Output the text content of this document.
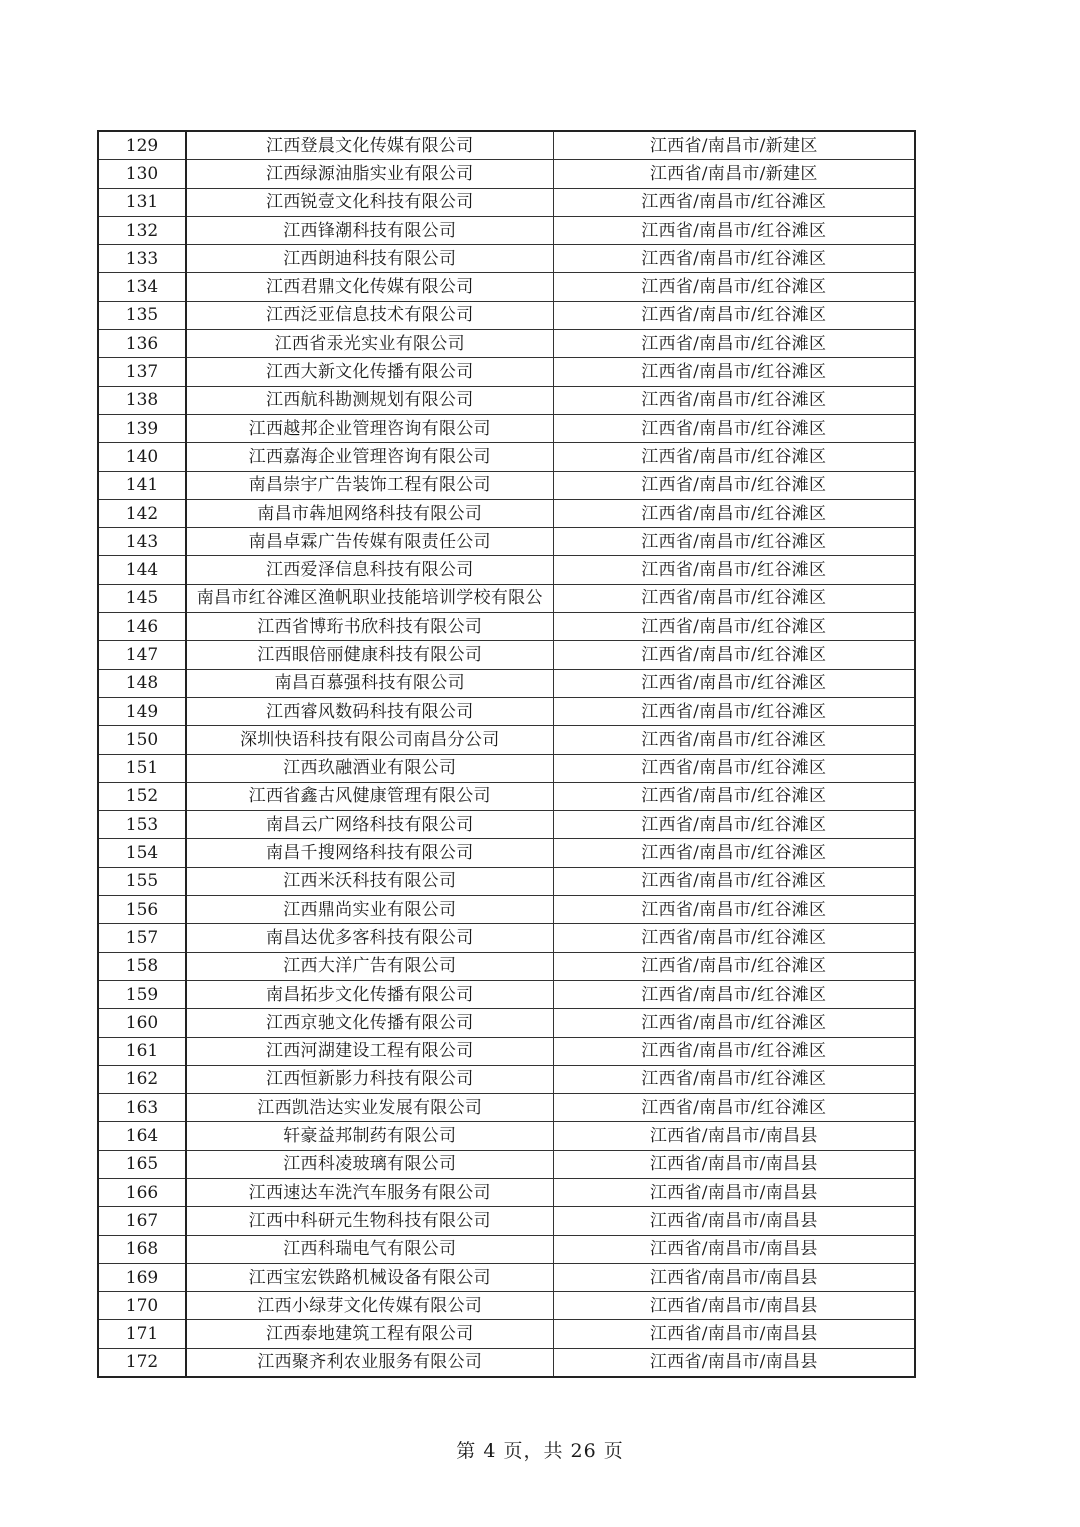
129	江西登晨文化传媒有限公司	江西省/南昌市/新建区
130	江西绿源油脂实业有限公司	江西省/南昌市/新建区
131	江西锐壹文化科技有限公司	江西省/南昌市/红谷滩区
132	江西锋潮科技有限公司	江西省/南昌市/红谷滩区
133	江西朗迪科技有限公司	江西省/南昌市/红谷滩区
134	江西君鼎文化传媒有限公司	江西省/南昌市/红谷滩区
135	江西泛亚信息技术有限公司	江西省/南昌市/红谷滩区
136	江西省汞光实业有限公司	江西省/南昌市/红谷滩区
137	江西大新文化传播有限公司	江西省/南昌市/红谷滩区
138	江西航科勘测规划有限公司	江西省/南昌市/红谷滩区
139	江西越邦企业管理咨询有限公司	江西省/南昌市/红谷滩区
140	江西嘉海企业管理咨询有限公司	江西省/南昌市/红谷滩区
141	南昌崇宇广告装饰工程有限公司	江西省/南昌市/红谷滩区
142	南昌市犇旭网络科技有限公司	江西省/南昌市/红谷滩区
143	南昌卓霖广告传媒有限责任公司	江西省/南昌市/红谷滩区
144	江西爱泽信息科技有限公司	江西省/南昌市/红谷滩区
145	南昌市红谷滩区渔帆职业技能培训学校有限公	江西省/南昌市/红谷滩区
146	江西省博珩书欣科技有限公司	江西省/南昌市/红谷滩区
147	江西眼倍丽健康科技有限公司	江西省/南昌市/红谷滩区
148	南昌百慕强科技有限公司	江西省/南昌市/红谷滩区
149	江西睿风数码科技有限公司	江西省/南昌市/红谷滩区
150	深圳快语科技有限公司南昌分公司	江西省/南昌市/红谷滩区
151	江西玖融酒业有限公司	江西省/南昌市/红谷滩区
152	江西省鑫古风健康管理有限公司	江西省/南昌市/红谷滩区
153	南昌云广网络科技有限公司	江西省/南昌市/红谷滩区
154	南昌千搜网络科技有限公司	江西省/南昌市/红谷滩区
155	江西米沃科技有限公司	江西省/南昌市/红谷滩区
156	江西鼎尚实业有限公司	江西省/南昌市/红谷滩区
157	南昌达优多客科技有限公司	江西省/南昌市/红谷滩区
158	江西大洋广告有限公司	江西省/南昌市/红谷滩区
159	南昌拓步文化传播有限公司	江西省/南昌市/红谷滩区
160	江西京驰文化传播有限公司	江西省/南昌市/红谷滩区
161	江西河湖建设工程有限公司	江西省/南昌市/红谷滩区
162	江西恒新影力科技有限公司	江西省/南昌市/红谷滩区
163	江西凯浩达实业发展有限公司	江西省/南昌市/红谷滩区
164	轩豪益邦制药有限公司	江西省/南昌市/南昌县
165	江西科凌玻璃有限公司	江西省/南昌市/南昌县
166	江西速达车洗汽车服务有限公司	江西省/南昌市/南昌县
167	江西中科研元生物科技有限公司	江西省/南昌市/南昌县
168	江西科瑞电气有限公司	江西省/南昌市/南昌县
169	江西宝宏铁路机械设备有限公司	江西省/南昌市/南昌县
170	江西小绿芽文化传媒有限公司	江西省/南昌市/南昌县
171	江西泰地建筑工程有限公司	江西省/南昌市/南昌县
172	江西聚齐利农业服务有限公司	江西省/南昌市/南昌县
第 4 页，共 26 页
